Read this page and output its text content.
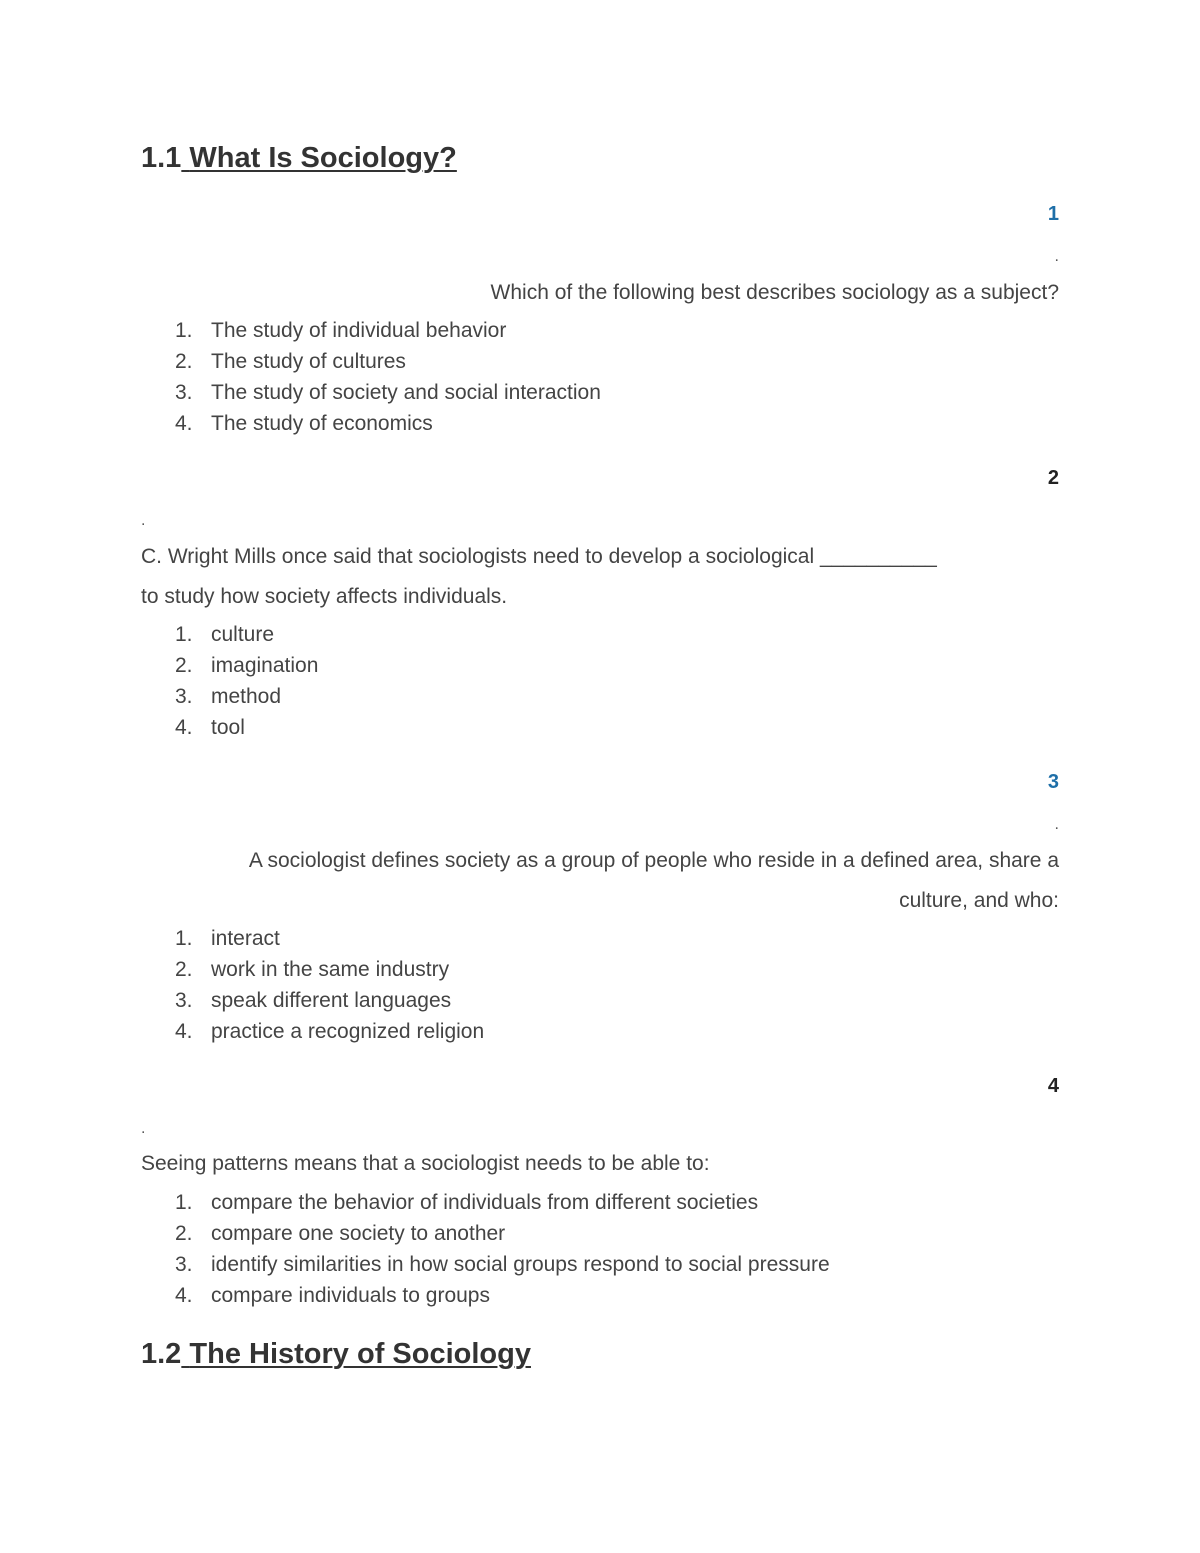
1.1 What Is Sociology?
1
.
Which of the following best describes sociology as a subject?
1. The study of individual behavior
2. The study of cultures
3. The study of society and social interaction
4. The study of economics
2
.
C. Wright Mills once said that sociologists need to develop a sociological __________
to study how society affects individuals.
1. culture
2. imagination
3. method
4. tool
3
.
A sociologist defines society as a group of people who reside in a defined area, share a
culture, and who:
1. interact
2. work in the same industry
3. speak different languages
4. practice a recognized religion
4
.
Seeing patterns means that a sociologist needs to be able to:
1. compare the behavior of individuals from different societies
2. compare one society to another
3. identify similarities in how social groups respond to social pressure
4. compare individuals to groups
1.2 The History of Sociology
